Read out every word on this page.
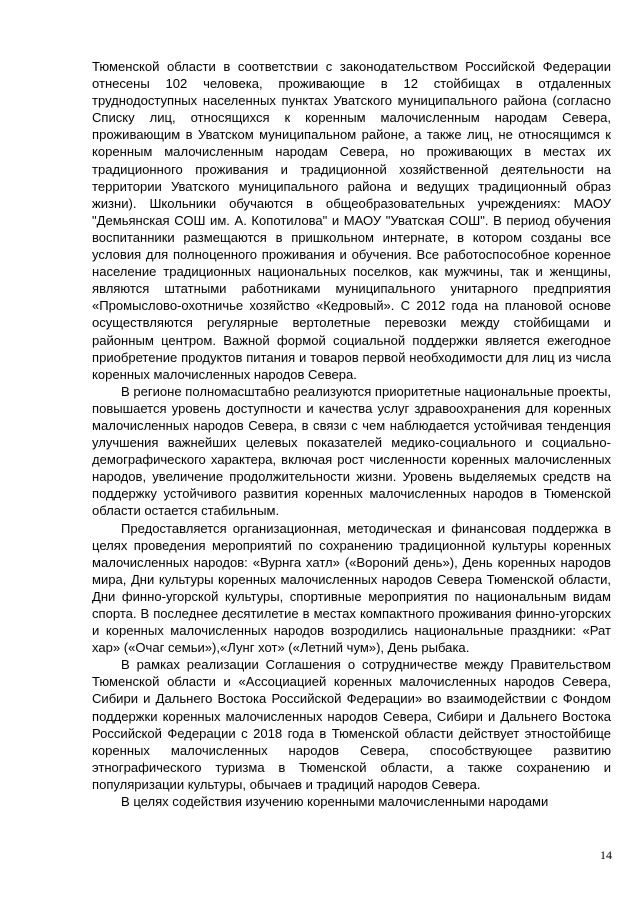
Тюменской области в соответствии с законодательством Российской Федерации отнесены 102 человека, проживающие в 12 стойбищах в отдаленных труднодоступных населенных пунктах Уватского муниципального района (согласно Списку лиц, относящихся к коренным малочисленным народам Севера, проживающим в Уватском муниципальном районе, а также лиц, не относящимся к коренным малочисленным народам Севера, но проживающих в местах их традиционного проживания и традиционной хозяйственной деятельности на территории Уватского муниципального района и ведущих традиционный образ жизни). Школьники обучаются в общеобразовательных учреждениях: МАОУ "Демьянская СОШ им. А. Копотилова" и МАОУ "Уватская СОШ". В период обучения воспитанники размещаются в пришкольном интернате, в котором созданы все условия для полноценного проживания и обучения. Все работоспособное коренное население традиционных национальных поселков, как мужчины, так и женщины, являются штатными работниками муниципального унитарного предприятия «Промыслово-охотничье хозяйство «Кедровый». С 2012 года на плановой основе осуществляются регулярные вертолетные перевозки между стойбищами и районным центром. Важной формой социальной поддержки является ежегодное приобретение продуктов питания и товаров первой необходимости для лиц из числа коренных малочисленных народов Севера.

В регионе полномасштабно реализуются приоритетные национальные проекты, повышается уровень доступности и качества услуг здравоохранения для коренных малочисленных народов Севера, в связи с чем наблюдается устойчивая тенденция улучшения важнейших целевых показателей медико-социального и социально-демографического характера, включая рост численности коренных малочисленных народов, увеличение продолжительности жизни. Уровень выделяемых средств на поддержку устойчивого развития коренных малочисленных народов в Тюменской области остается стабильным.

Предоставляется организационная, методическая и финансовая поддержка в целях проведения мероприятий по сохранению традиционной культуры коренных малочисленных народов: «Вурнга хатл» («Вороний день»), День коренных народов мира, Дни культуры коренных малочисленных народов Севера Тюменской области, Дни финно-угорской культуры, спортивные мероприятия по национальным видам спорта. В последнее десятилетие в местах компактного проживания финно-угорских и коренных малочисленных народов возродились национальные праздники: «Рат хар» («Очаг семьи»),«Лунг хот» («Летний чум»), День рыбака.

В рамках реализации Соглашения о сотрудничестве между Правительством Тюменской области и «Ассоциацией коренных малочисленных народов Севера, Сибири и Дальнего Востока Российской Федерации» во взаимодействии с Фондом поддержки коренных малочисленных народов Севера, Сибири и Дальнего Востока Российской Федерации с 2018 года в Тюменской области действует этностойбище коренных малочисленных народов Севера, способствующее развитию этнографического туризма в Тюменской области, а также сохранению и популяризации культуры, обычаев и традиций народов Севера.

В целях содействия изучению коренными малочисленными народами

14
